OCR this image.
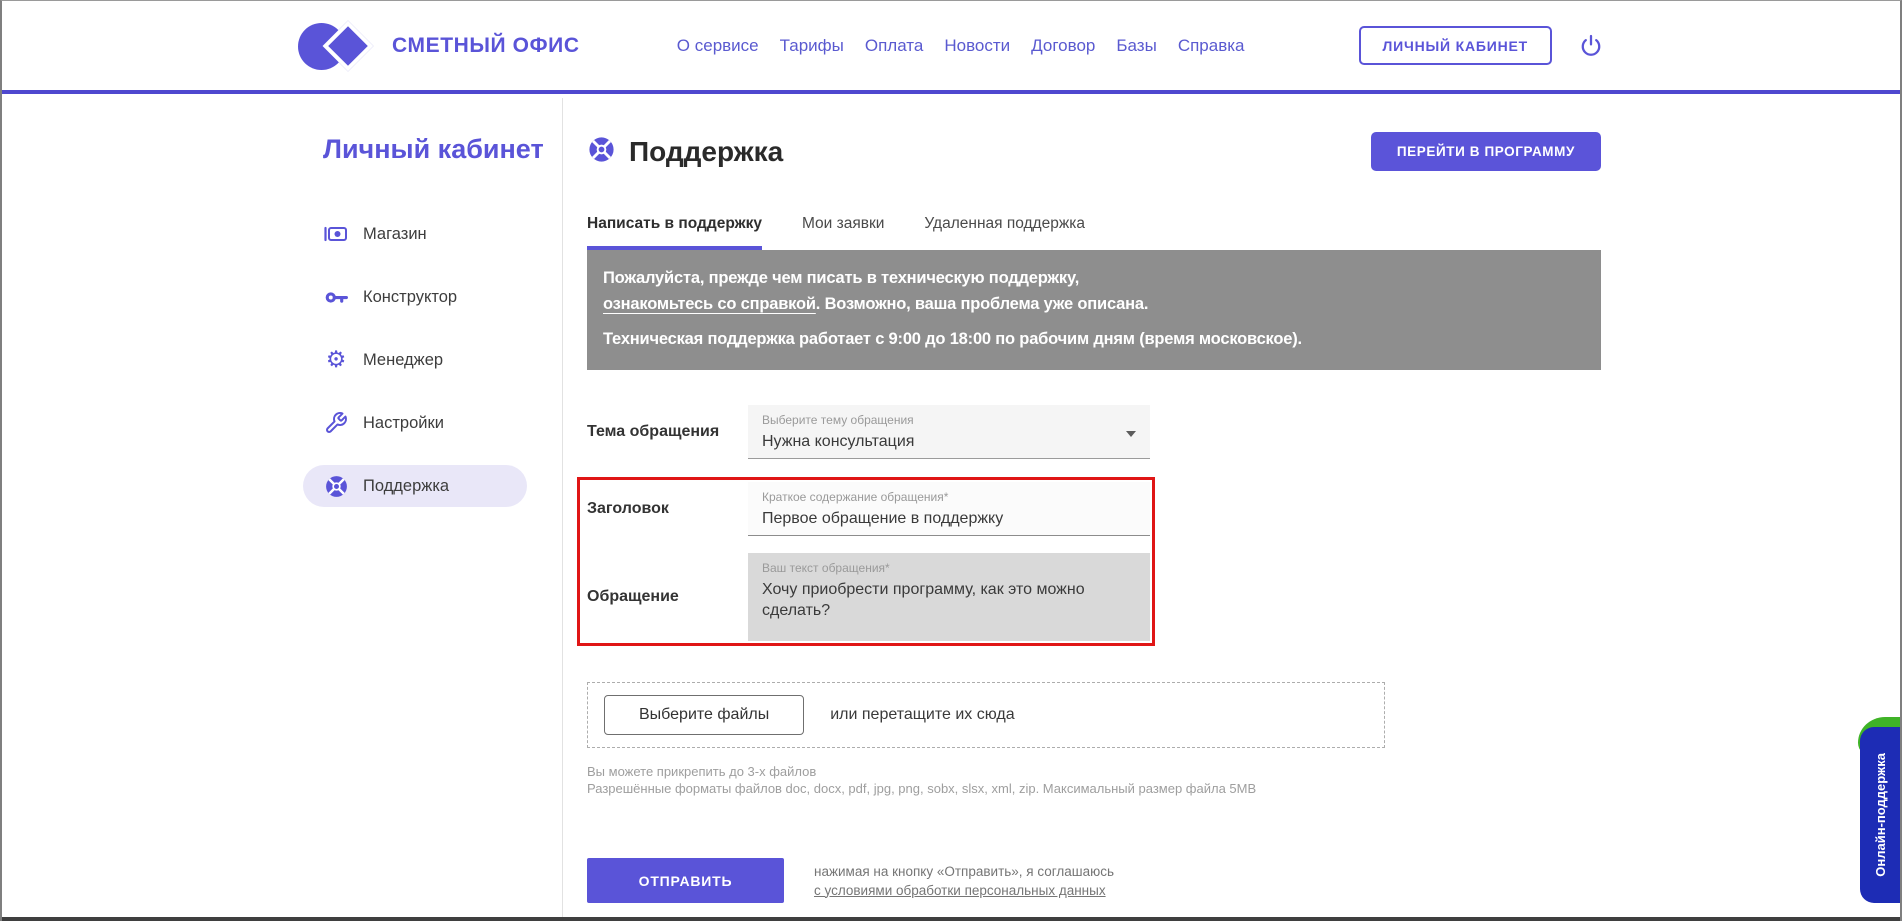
СМЕТНЫЙ ОФИС	О сервисе Тарифы Оплата Новости Договор Базы Справка	ЛИЧНЫЙ КАБИНЕТ
Личный кабинет
Магазин
Конструктор
⚙ Менеджер
Настройки
Поддержка
Поддержка	ПЕРЕЙТИ В ПРОГРАММУ
Написать в поддержку	Мои заявки	Удаленная поддержка

Пожалуйста, прежде чем писать в техническую поддержку,

ознакомьтесь со справкой. Возможно, ваша проблема уже описана.

Техническая поддержка работает с 9:00 до 18:00 по рабочим дням (время московское).

Тема обращения
Выберите тему обращения
Нужна консультация
Заголовок
Краткое содержание обращения*
Первое обращение в поддержку
Обращение
Ваш текст обращения*
Хочу приобрести программу, как это можно сделать?
Выберите файлы	или перетащите их сюда

Вы можете прикрепить до 3-х файлов

Разрешённые форматы файлов doc, docx, pdf, jpg, png, sobx, slsx, xml, zip. Максимальный размер файла 5MB

ОТПРАВИТЬ
нажимая на кнопку «Отправить», я соглашаюсь
с условиями обработки персональных данных
Онлайн-поддержка
